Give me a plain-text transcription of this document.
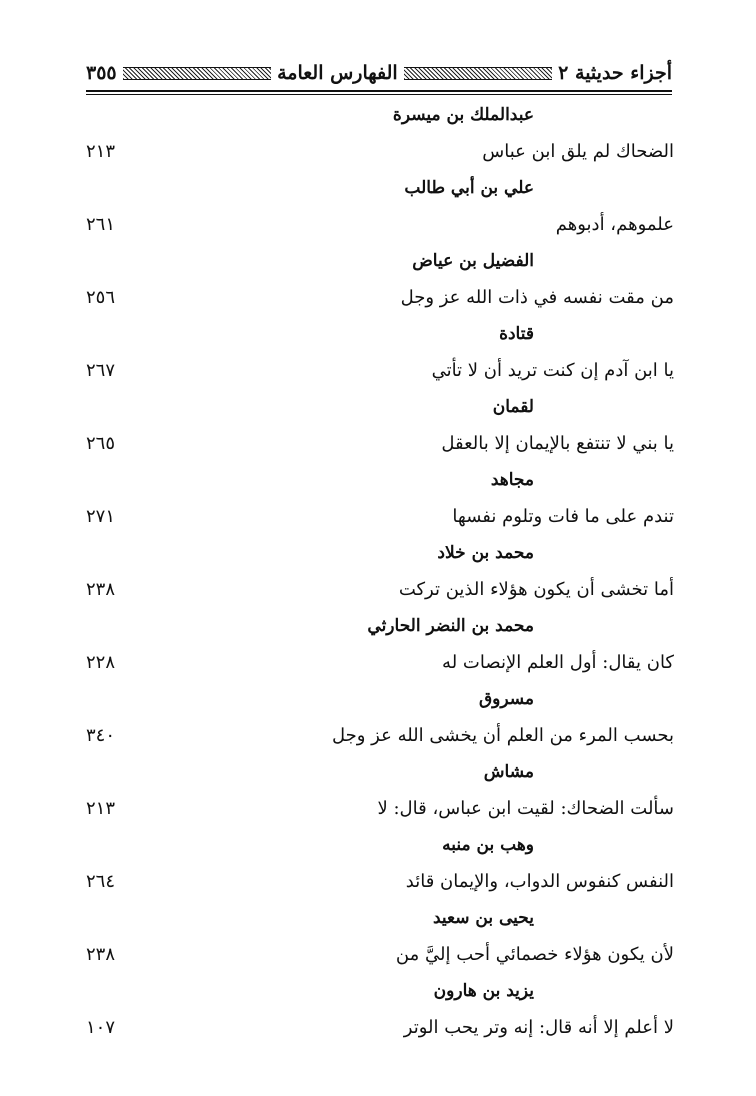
أجزاء حديثية ٢
الفهارس العامة
٣٥٥
عبدالملك بن ميسرة
الضحاك لم يلق ابن عباس
٢١٣
علي بن أبي طالب
علموهم، أدبوهم
٢٦١
الفضيل بن عياض
من مقت نفسه في ذات الله عز وجل
٢٥٦
قتادة
يا ابن آدم إن كنت تريد أن لا تأتي
٢٦٧
لقمان
يا بني لا تنتفع بالإيمان إلا بالعقل
٢٦٥
مجاهد
تندم على ما فات وتلوم نفسها
٢٧١
محمد بن خلاد
أما تخشى أن يكون هؤلاء الذين تركت
٢٣٨
محمد بن النضر الحارثي
كان يقال: أول العلم الإنصات له
٢٢٨
مسروق
بحسب المرء من العلم أن يخشى الله عز وجل
٣٤٠
مشاش
سألت الضحاك: لقيت ابن عباس، قال: لا
٢١٣
وهب بن منبه
النفس كنفوس الدواب، والإيمان قائد
٢٦٤
يحيى بن سعيد
لأن يكون هؤلاء خصمائي أحب إليَّ من
٢٣٨
يزيد بن هارون
لا أعلم إلا أنه قال: إنه وتر يحب الوتر
١٠٧
